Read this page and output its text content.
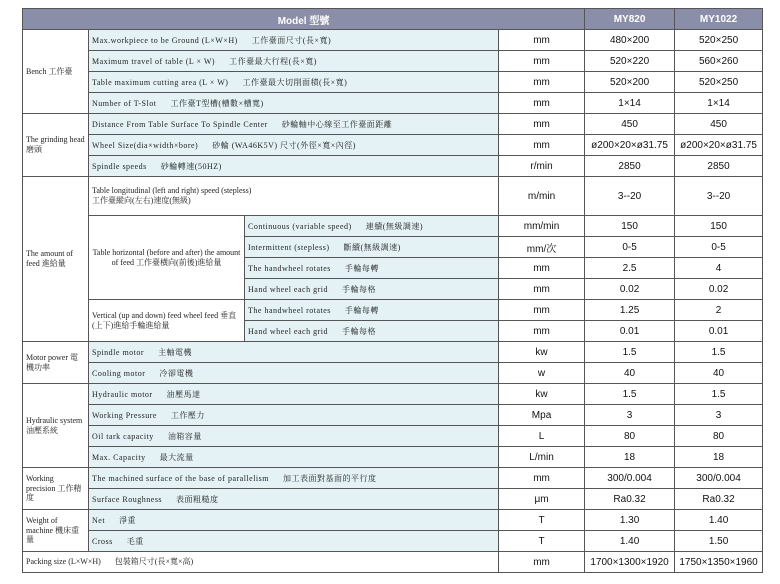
Model 型號				MY820	MY1022
Bench 工作臺	Max.workpiece to be Ground (L×W×H) 工作臺面尺寸(長×寬)		mm	480×200	520×250
	Maximum travel of table (L × W) 工作臺最大行程(長×寬)		mm	520×220	560×260
	Table maximum cutting area (L × W) 工作臺最大切削面積(長×寬)		mm	520×200	520×250
	Number of T-Slot 工作臺T型槽(槽數×槽寬)		mm	1×14	1×14
The grinding head 磨頭	Distance From Table Surface To Spindle Center 砂輪軸中心線至工作臺面距離		mm	450	450
	Wheel Size(dia×width×bore) 砂輪 (WA46K5V) 尺寸(外徑×寬×內徑)		mm	ø200×20×ø31.75	ø200×20×ø31.75
	Spindle speeds 砂輪轉速(50HZ)		r/min	2850	2850
The amount of feed 進給量	Table longitudinal (left and right) speed (stepless)
工作臺縱向(左右)速度(無級)		m/min	3--20	3--20
	Table horizontal (before and after) the amount of feed 工作臺橫向(前後)進給量	Continuous (variable speed) 連續(無級調速)	mm/min	150	150
		Intermittent (stepless) 斷續(無級調速)	mm/次	0-5	0-5
		The handwheel rotates 手輪每轉	mm	2.5	4
		Hand wheel each grid 手輪每格	mm	0.02	0.02
	Vertical (up and down) feed wheel feed 垂直(上下)進給手輪進給量	The handwheel rotates 手輪每轉	mm	1.25	2
		Hand wheel each grid 手輪每格	mm	0.01	0.01
Motor power 電機功率	Spindle motor 主軸電機		kw	1.5	1.5
	Cooling motor 冷卻電機		w	40	40
Hydraulic system 油壓系統	Hydraulic motor 油壓馬達		kw	1.5	1.5
	Working Pressure 工作壓力		Mpa	3	3
	Oil tark capacity 油箱容量		L	80	80
	Max. Capacity 最大流量		L/min	18	18
Working precision 工作精度	The machined surface of the base of parallelism 加工表面對基面的平行度		mm	300/0.004	300/0.004
	Surface Roughness 表面粗糙度		μm	Ra0.32	Ra0.32
Weight of machine 機床重量	Net 淨重		T	1.30	1.40
	Cross 毛重		T	1.40	1.50
Packing size (L×W×H) 包裝箱尺寸(長×寬×高)			mm	1700×1300×1920	1750×1350×1960
